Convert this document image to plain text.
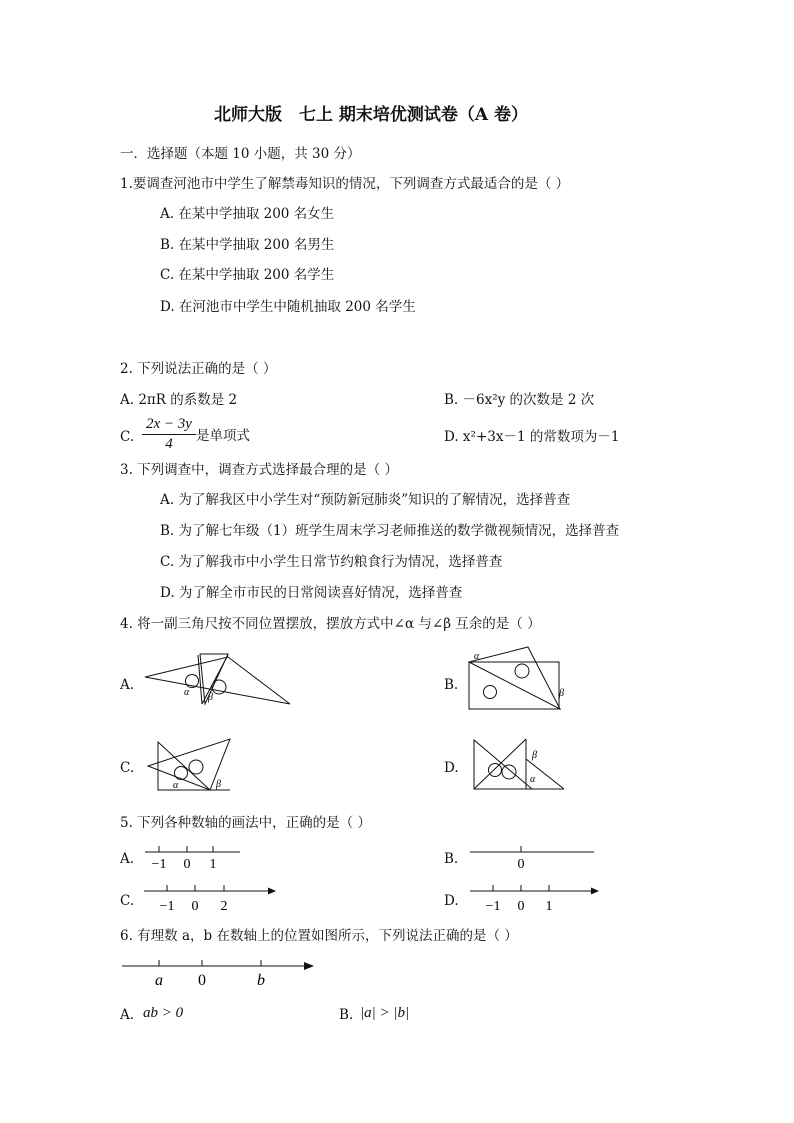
北师大版　七上 期末培优测试卷（A 卷）
一．选择题（本题 10 小题，共 30 分）
1.要调查河池市中学生了解禁毒知识的情况，下列调查方式最适合的是（ ）
A. 在某中学抽取 200 名女生
B. 在某中学抽取 200 名男生
C. 在某中学抽取 200 名学生
D. 在河池市中学生中随机抽取 200 名学生
2. 下列说法正确的是（ ）
A. 2πR 的系数是 2	B. －6x²y 的次数是 2 次
C.
2x − 3y
4	是单项式	D. x²+3x－1 的常数项为－1
3. 下列调查中，调查方式选择最合理的是（ ）
A. 为了解我区中小学生对“预防新冠肺炎”知识的了解情况，选择普查
B. 为了解七年级（1）班学生周末学习老师推送的数学微视频情况，选择普查
C. 为了解我市中小学生日常节约粮食行为情况，选择普查
D. 为了解全市市民的日常阅读喜好情况，选择普查
4. 将一副三角尺按不同位置摆放，摆放方式中∠α 与∠β 互余的是（ ）
A.	α β
B.
α
β
C.
α	β
D.
β
α
5. 下列各种数轴的画法中，正确的是（ ）
A. −1 0 1	B.	0
C. −1 0 2	D. −1 0 1
6. 有理数 a，b 在数轴上的位置如图所示，下列说法正确的是（ ）
a 0	b
A. ab > 0	B. |a| > |b|
